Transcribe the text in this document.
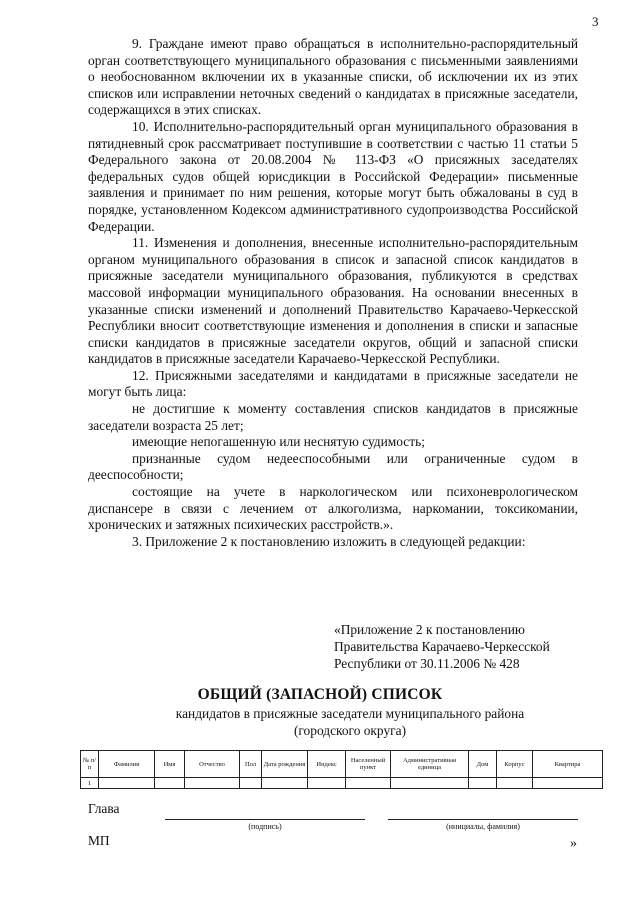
3

9. Граждане имеют право обращаться в исполнительно-распорядительный орган соответствующего муниципального образования с письменными заявлениями о необоснованном включении их в указанные списки, об исключении их из этих списков или исправлении неточных сведений о кандидатах в присяжные заседатели, содержащихся в этих списках.

10. Исполнительно-распорядительный орган муниципального образования в пятидневный срок рассматривает поступившие в соответствии с частью 11 статьи 5 Федерального закона от 20.08.2004 № 113-ФЗ «О присяжных заседателях федеральных судов общей юрисдикции в Российской Федерации» письменные заявления и принимает по ним решения, которые могут быть обжалованы в суд в порядке, установленном Кодексом административного судопроизводства Российской Федерации.

11. Изменения и дополнения, внесенные исполнительно-распорядительным органом муниципального образования в список и запасной список кандидатов в присяжные заседатели муниципального образования, публикуются в средствах массовой информации муниципального образования. На основании внесенных в указанные списки изменений и дополнений Правительство Карачаево-Черкесской Республики вносит соответствующие изменения и дополнения в списки и запасные списки кандидатов в присяжные заседатели округов, общий и запасной списки кандидатов в присяжные заседатели Карачаево-Черкесской Республики.

12. Присяжными заседателями и кандидатами в присяжные заседатели не могут быть лица:

не достигшие к моменту составления списков кандидатов в присяжные заседатели возраста 25 лет;

имеющие непогашенную или неснятую судимость;

признанные судом недееспособными или ограниченные судом в дееспособности;

состоящие на учете в наркологическом или психоневрологическом диспансере в связи с лечением от алкоголизма, наркомании, токсикомании, хронических и затяжных психических расстройств.».

3. Приложение 2 к постановлению изложить в следующей редакции:

«Приложение 2 к постановлению
Правительства Карачаево-Черкесской
Республики от 30.11.2006 № 428
ОБЩИЙ (ЗАПАСНОЙ) СПИСОК
кандидатов в присяжные заседатели муниципального района
(городского округа)
№ п/п	Фамилия	Имя	Отчество	Пол	Дата рождения	Индекс	Населенный пункт	Административная единица	Дом	Корпус	Квартира
1											
Глава
(подпись)	(инициалы, фамилия)
МП	»
